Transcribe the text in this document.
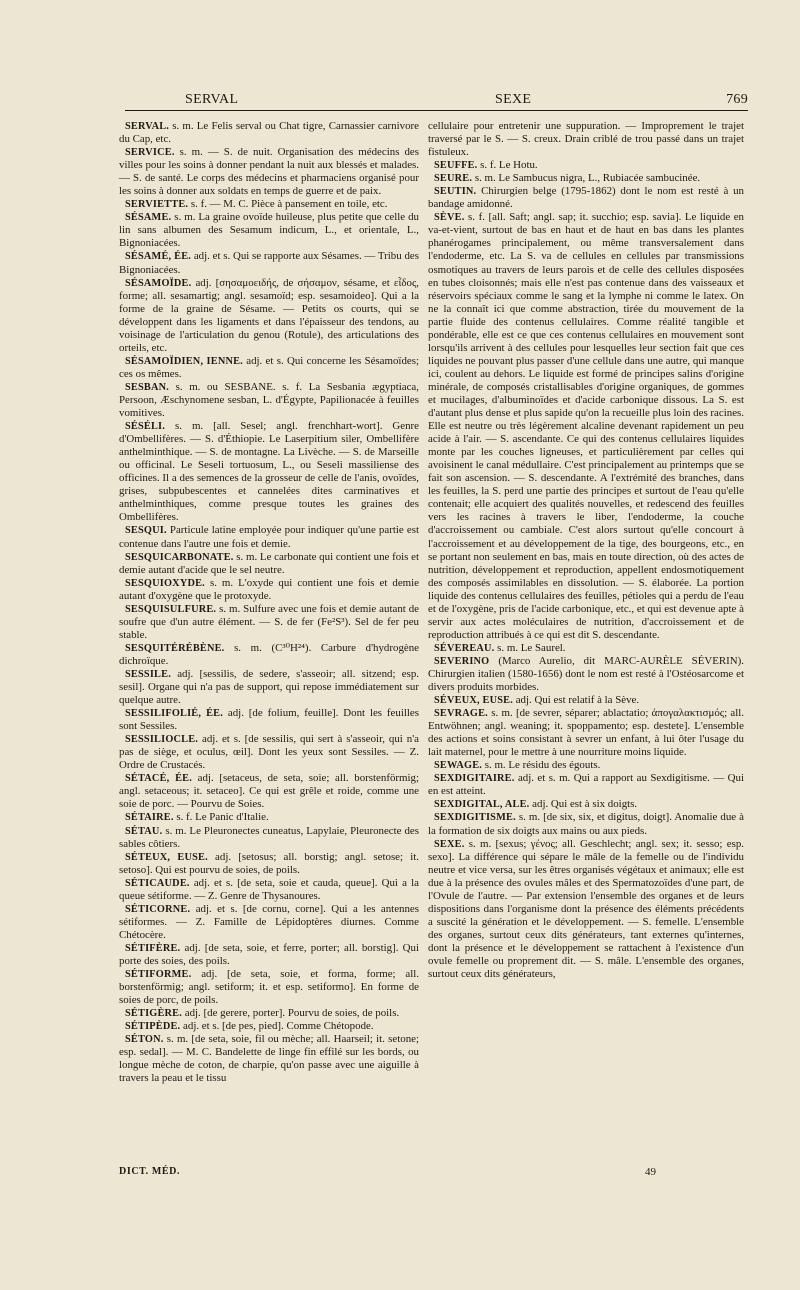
SERVAL	SEXE	769

SERVAL. s. m. Le Felis serval ou Chat tigre, Carnassier carnivore du Cap, etc.

SERVICE. s. m. — S. de nuit. Organisation des médecins des villes pour les soins à donner pendant la nuit aux blessés et malades. — S. de santé. Le corps des médecins et pharmaciens organisé pour les soins à donner aux soldats en temps de guerre et de paix.

SERVIETTE. s. f. — M. C. Pièce à pansement en toile, etc.

SÉSAME. s. m. La graine ovoïde huileuse, plus petite que celle du lin sans albumen des Sesamum indicum, L., et orientale, L., Bignoniacées.

SÉSAMÉ, ÉE. adj. et s. Qui se rapporte aux Sésames. — Tribu des Bignoniacées.

SÉSAMOÏDE. adj. [σησαμοειδής, de σήσαμον, sésame, et εἶδος, forme; all. sesamartig; angl. sesamoïd; esp. sesamoideo]. Qui a la forme de la graine de Sésame. — Petits os courts, qui se développent dans les ligaments et dans l'épaisseur des tendons, au voisinage de l'articulation du genou (Rotule), des articulations des orteils, etc.

SÉSAMOÏDIEN, IENNE. adj. et s. Qui concerne les Sésamoïdes; ces os mêmes.

SESBAN. s. m. ou SESBANE. s. f. La Sesbania ægyptiaca, Persoon, Æschynomene sesban, L. d'Égypte, Papilionacée à feuilles vomitives.

SÉSÉLI. s. m. [all. Sesel; angl. frenchhart-wort]. Genre d'Ombellifères. — S. d'Éthiopie. Le Laserpitium siler, Ombellifère anthelminthique. — S. de montagne. La Livèche. — S. de Marseille ou officinal. Le Seseli tortuosum, L., ou Seseli massiliense des officines. Il a des semences de la grosseur de celle de l'anis, ovoïdes, grises, subpubescentes et cannelées dites carminatives et anthelminthiques, comme presque toutes les graines des Ombellifères.

SESQUI. Particule latine employée pour indiquer qu'une partie est contenue dans l'autre une fois et demie.

SESQUICARBONATE. s. m. Le carbonate qui contient une fois et demie autant d'acide que le sel neutre.

SESQUIOXYDE. s. m. L'oxyde qui contient une fois et demie autant d'oxygène que le protoxyde.

SESQUISULFURE. s. m. Sulfure avec une fois et demie autant de soufre que d'un autre élément. — S. de fer (Fe²S³). Sel de fer peu stable.

SESQUITÉRÉBÈNE. s. m. (C³⁰H²⁴). Carbure d'hydrogène dichroïque.

SESSILE. adj. [sessilis, de sedere, s'asseoir; all. sitzend; esp. sesil]. Organe qui n'a pas de support, qui repose immédiatement sur quelque autre.

SESSILIFOLIÉ, ÉE. adj. [de folium, feuille]. Dont les feuilles sont Sessiles.

SESSILIOCLE. adj. et s. [de sessilis, qui sert à s'asseoir, qui n'a pas de siège, et oculus, œil]. Dont les yeux sont Sessiles. — Z. Ordre de Crustacés.

SÉTACÉ, ÉE. adj. [setaceus, de seta, soie; all. borstenförmig; angl. setaceous; it. setaceo]. Ce qui est grêle et roide, comme une soie de porc. — Pourvu de Soies.

SÉTAIRE. s. f. Le Panic d'Italie.

SÉTAU. s. m. Le Pleuronectes cuneatus, Lapylaie, Pleuronecte des sables côtiers.

SÉTEUX, EUSE. adj. [setosus; all. borstig; angl. setose; it. setoso]. Qui est pourvu de soies, de poils.

SÉTICAUDE. adj. et s. [de seta, soie et cauda, queue]. Qui a la queue sétiforme. — Z. Genre de Thysanoures.

SÉTICORNE. adj. et s. [de cornu, corne]. Qui a les antennes sétiformes. — Z. Famille de Lépidoptères diurnes. Comme Chétocère.

SÉTIFÈRE. adj. [de seta, soie, et ferre, porter; all. borstig]. Qui porte des soies, des poils.

SÉTIFORME. adj. [de seta, soie, et forma, forme; all. borstenförmig; angl. setiform; it. et esp. setiformo]. En forme de soies de porc, de poils.

SÉTIGÈRE. adj. [de gerere, porter]. Pourvu de soies, de poils.

SÉTIPÈDE. adj. et s. [de pes, pied]. Comme Chétopode.

SÉTON. s. m. [de seta, soie, fil ou mèche; all. Haarseil; it. setone; esp. sedal]. — M. C. Bandelette de linge fin effilé sur les bords, ou longue mèche de coton, de charpie, qu'on passe avec une aiguille à travers la peau et le tissu

cellulaire pour entretenir une suppuration. — Improprement le trajet traversé par le S. — S. creux. Drain criblé de trou passé dans un trajet fistuleux.

SEUFFE. s. f. Le Hotu.

SEURE. s. m. Le Sambucus nigra, L., Rubiacée sambucinée.

SEUTIN. Chirurgien belge (1795-1862) dont le nom est resté à un bandage amidonné.

SÈVE. s. f. [all. Saft; angl. sap; it. succhio; esp. savia]. Le liquide en va-et-vient, surtout de bas en haut et de haut en bas dans les plantes phanérogames principalement, ou même transversalement dans l'endoderme, etc. La S. va de cellules en cellules par transmissions osmotiques au travers de leurs parois et de celle des cellules disposées en tubes cloisonnés; mais elle n'est pas contenue dans des vaisseaux et réservoirs spéciaux comme le sang et la lymphe ni comme le latex. On ne la connaît ici que comme abstraction, tirée du mouvement de la partie fluide des contenus cellulaires. Comme réalité tangible et pondérable, elle est ce que ces contenus cellulaires en mouvement sont lorsqu'ils arrivent à des cellules pour lesquelles leur section fait que ces liquides ne pouvant plus passer d'une cellule dans une autre, qui manque ici, coulent au dehors. Le liquide est formé de principes salins d'origine minérale, de composés cristallisables d'origine organiques, de gommes et mucilages, d'albuminoïdes et d'acide carbonique dissous. La S. est d'autant plus dense et plus sapide qu'on la recueille plus loin des racines. Elle est neutre ou très légèrement alcaline devenant rapidement un peu acide à l'air. — S. ascendante. Ce qui des contenus cellulaires liquides monte par les couches ligneuses, et particulièrement par celles qui avoisinent le canal médullaire. C'est principalement au printemps que se fait son ascension. — S. descendante. A l'extrémité des branches, dans les feuilles, la S. perd une partie des principes et surtout de l'eau qu'elle contenait; elle acquiert des qualités nouvelles, et redescend des feuilles vers les racines à travers le liber, l'endoderme, la couche d'accroissement ou cambiale. C'est alors surtout qu'elle concourt à l'accroissement et au développement de la tige, des bourgeons, etc., en se portant non seulement en bas, mais en toute direction, où des actes de nutrition, développement et reproduction, appellent endosmotiquement des composés assimilables en dissolution. — S. élaborée. La portion liquide des contenus cellulaires des feuilles, pétioles qui a perdu de l'eau et de l'oxygène, pris de l'acide carbonique, etc., et qui est devenue apte à servir aux actes moléculaires de nutrition, d'accroissement et de reproduction attribués à ce qui est dit S. descendante.

SÉVEREAU. s. m. Le Saurel.

SEVERINO (Marco Aurelio, dit MARC-AURÈLE SÉVERIN). Chirurgien italien (1580-1656) dont le nom est resté à l'Ostéosarcome et divers produits morbides.

SÉVEUX, EUSE. adj. Qui est relatif à la Sève.

SEVRAGE. s. m. [de sevrer, séparer; ablactatio; ἀπογαλακτισμός; all. Entwöhnen; angl. weaning; it. spoppamento; esp. destete]. L'ensemble des actions et soins consistant à sevrer un enfant, à lui ôter l'usage du lait maternel, pour le mettre à une nourriture moins liquide.

SEWAGE. s. m. Le résidu des égouts.

SEXDIGITAIRE. adj. et s. m. Qui a rapport au Sexdigitisme. — Qui en est atteint.

SEXDIGITAL, ALE. adj. Qui est à six doigts.

SEXDIGITISME. s. m. [de six, six, et digitus, doigt]. Anomalie due à la formation de six doigts aux mains ou aux pieds.

SEXE. s. m. [sexus; γένος; all. Geschlecht; angl. sex; it. sesso; esp. sexo]. La différence qui sépare le mâle de la femelle ou de l'individu neutre et vice versa, sur les êtres organisés végétaux et animaux; elle est due à la présence des ovules mâles et des Spermatozoïdes d'une part, de l'Ovule de l'autre. — Par extension l'ensemble des organes et de leurs dispositions dans l'organisme dont la présence des éléments précédents a suscité la génération et le développement. — S. femelle. L'ensemble des organes, surtout ceux dits générateurs, tant externes qu'internes, dont la présence et le développement se rattachent à l'existence d'un ovule femelle ou proprement dit. — S. mâle. L'ensemble des organes, surtout ceux dits générateurs,

DICT. MÉD.	49
